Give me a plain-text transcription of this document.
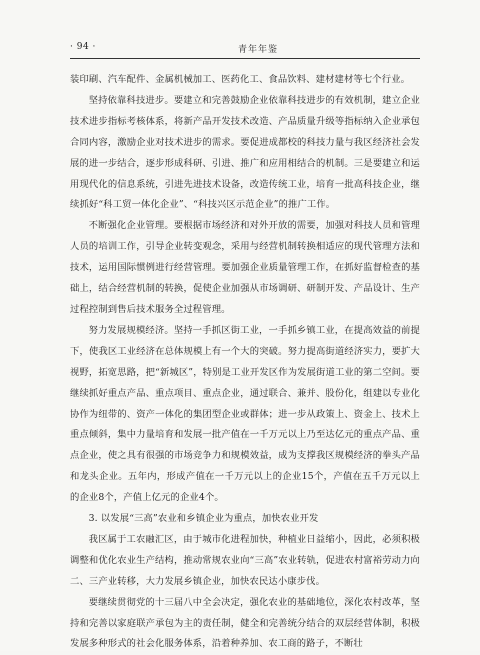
· 94 ·	青年年鉴

装印刷、汽车配件、金属机械加工、医药化工、食品饮料、建材建材等七个行业。

坚持依靠科技进步。要建立和完善鼓励企业依靠科技进步的有效机制，建立企业技术进步指标考核体系，将新产品开发技术改造、产品质量升级等指标纳入企业承包合同内容，激励企业对技术进步的需求。要促进成都校的科技力量与我区经济社会发展的进一步结合，逐步形成科研、引进、推广和应用相结合的机制。三是要建立和运用现代化的信息系统，引进先进技术设备，改造传统工业，培育一批高科技企业，继续抓好“科工贸一体化企业”、“科技兴区示范企业”的推广工作。

不断强化企业管理。要根据市场经济和对外开放的需要，加强对科技人员和管理人员的培训工作，引导企业转变观念，采用与经营机制转换相适应的现代管理方法和技术，运用国际惯例进行经营管理。要加强企业质量管理工作，在抓好监督检查的基础上，结合经营机制的转换，促使企业加强从市场调研、研制开发、产品设计、生产过程控制到售后技术服务全过程管理。

努力发展规模经济。坚持一手抓区街工业，一手抓乡镇工业，在提高效益的前提下，使我区工业经济在总体规模上有一个大的突破。努力提高街道经济实力，要扩大视野，拓宽思路，把“新城区”，特别是工业开发区作为发展街道工业的第二空间。要继续抓好重点产品、重点项目、重点企业，通过联合、兼并、股份化，组建以专业化协作为纽带的、资产一体化的集团型企业或群体；进一步从政策上、资金上、技术上重点倾斜，集中力量培育和发展一批产值在一千万元以上乃至达亿元的重点产品、重点企业，使之具有很强的市场竞争力和规模效益，成为支撑我区规模经济的拳头产品和龙头企业。五年内，形成产值在一千万元以上的企业15个，产值在五千万元以上的企业8个，产值上亿元的企业4个。

3. 以发展“三高”农业和乡镇企业为重点，加快农业开发

我区属于工农融汇区，由于城市化进程加快，种植业日益缩小，因此，必须积极调整和优化农业生产结构，推动常规农业向“三高”农业转轨，促进农村富裕劳动力向二、三产业转移，大力发展乡镇企业，加快农民达小康步伐。

要继续贯彻党的十三届八中全会决定，强化农业的基础地位，深化农村改革，坚持和完善以家庭联产承包为主的责任制，健全和完善统分结合的双层经营体制，积极发展多种形式的社会化服务体系，沿着种养加、农工商的路子，不断壮
